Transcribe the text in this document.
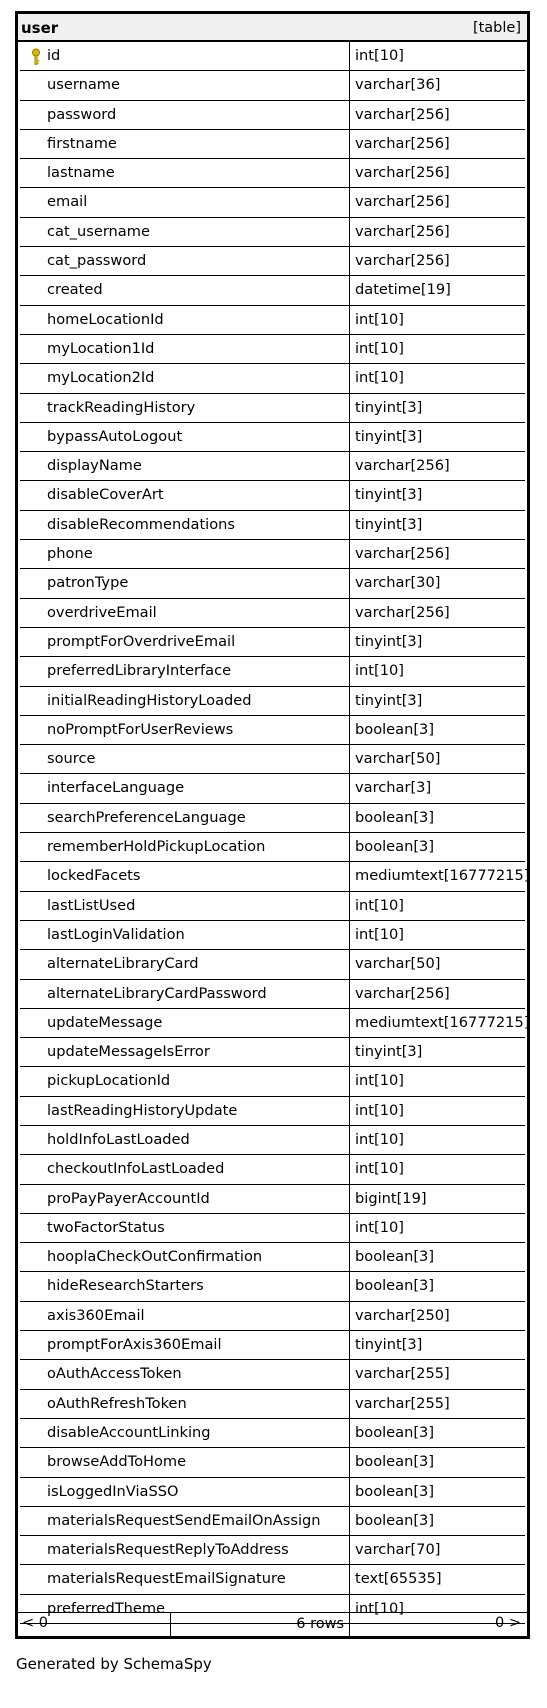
user	[table]
id	int[10]
username	varchar[36]
password	varchar[256]
firstname	varchar[256]
lastname	varchar[256]
email	varchar[256]
cat_username	varchar[256]
cat_password	varchar[256]
created	datetime[19]
homeLocationId	int[10]
myLocation1Id	int[10]
myLocation2Id	int[10]
trackReadingHistory	tinyint[3]
bypassAutoLogout	tinyint[3]
displayName	varchar[256]
disableCoverArt	tinyint[3]
disableRecommendations	tinyint[3]
phone	varchar[256]
patronType	varchar[30]
overdriveEmail	varchar[256]
promptForOverdriveEmail	tinyint[3]
preferredLibraryInterface	int[10]
initialReadingHistoryLoaded	tinyint[3]
noPromptForUserReviews	boolean[3]
source	varchar[50]
interfaceLanguage	varchar[3]
searchPreferenceLanguage	boolean[3]
rememberHoldPickupLocation	boolean[3]
lockedFacets	mediumtext[16777215]
lastListUsed	int[10]
lastLoginValidation	int[10]
alternateLibraryCard	varchar[50]
alternateLibraryCardPassword	varchar[256]
updateMessage	mediumtext[16777215]
updateMessageIsError	tinyint[3]
pickupLocationId	int[10]
lastReadingHistoryUpdate	int[10]
holdInfoLastLoaded	int[10]
checkoutInfoLastLoaded	int[10]
proPayPayerAccountId	bigint[19]
twoFactorStatus	int[10]
hooplaCheckOutConfirmation	boolean[3]
hideResearchStarters	boolean[3]
axis360Email	varchar[250]
promptForAxis360Email	tinyint[3]
oAuthAccessToken	varchar[255]
oAuthRefreshToken	varchar[255]
disableAccountLinking	boolean[3]
browseAddToHome	boolean[3]
isLoggedInViaSSO	boolean[3]
materialsRequestSendEmailOnAssign	boolean[3]
materialsRequestReplyToAddress	varchar[70]
materialsRequestEmailSignature	text[65535]
preferredTheme	int[10]
< 0	6 rows	0 >
Generated by SchemaSpy
